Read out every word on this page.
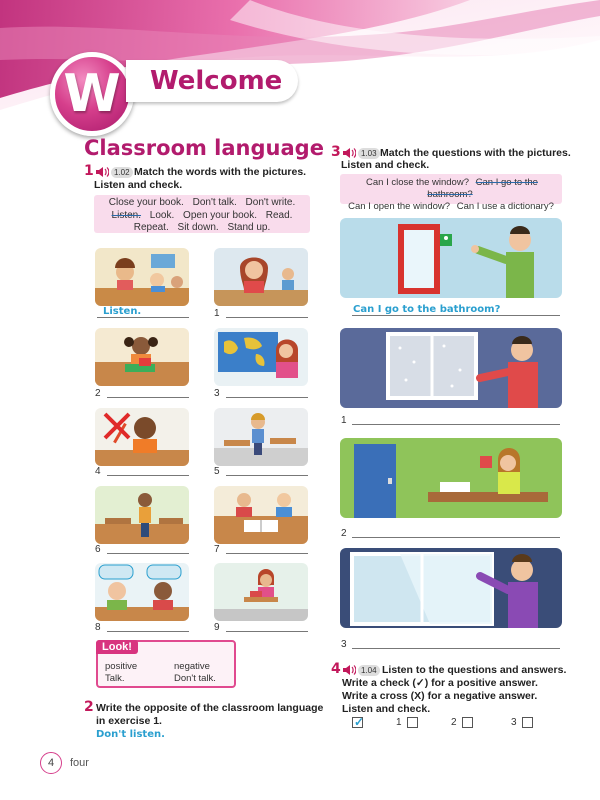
W Welcome
Classroom language
1	1.02 Match the words with the pictures.
Listen and check.
Close your book. Don't talk. Don't write.
Listen. Look. Open your book. Read.
Repeat. Sit down. Stand up.
Listen.	1
2	3
4	5
6	7
8	9
Look!
positive	negative
Talk.	Don't talk.
2 Write the opposite of the classroom language
in exercise 1.
Don't listen.
3	1.03 Match the questions with the pictures.
Listen and check.
Can I close the window? Can I go to the bathroom?
Can I open the window? Can I use a dictionary?
Can I go to the bathroom?
1
2
3
4	1.04 Listen to the questions and answers.
Write a check (✓) for a positive answer.
Write a cross (X) for a negative answer.
Listen and check.
✓	1	2	3
4 four
